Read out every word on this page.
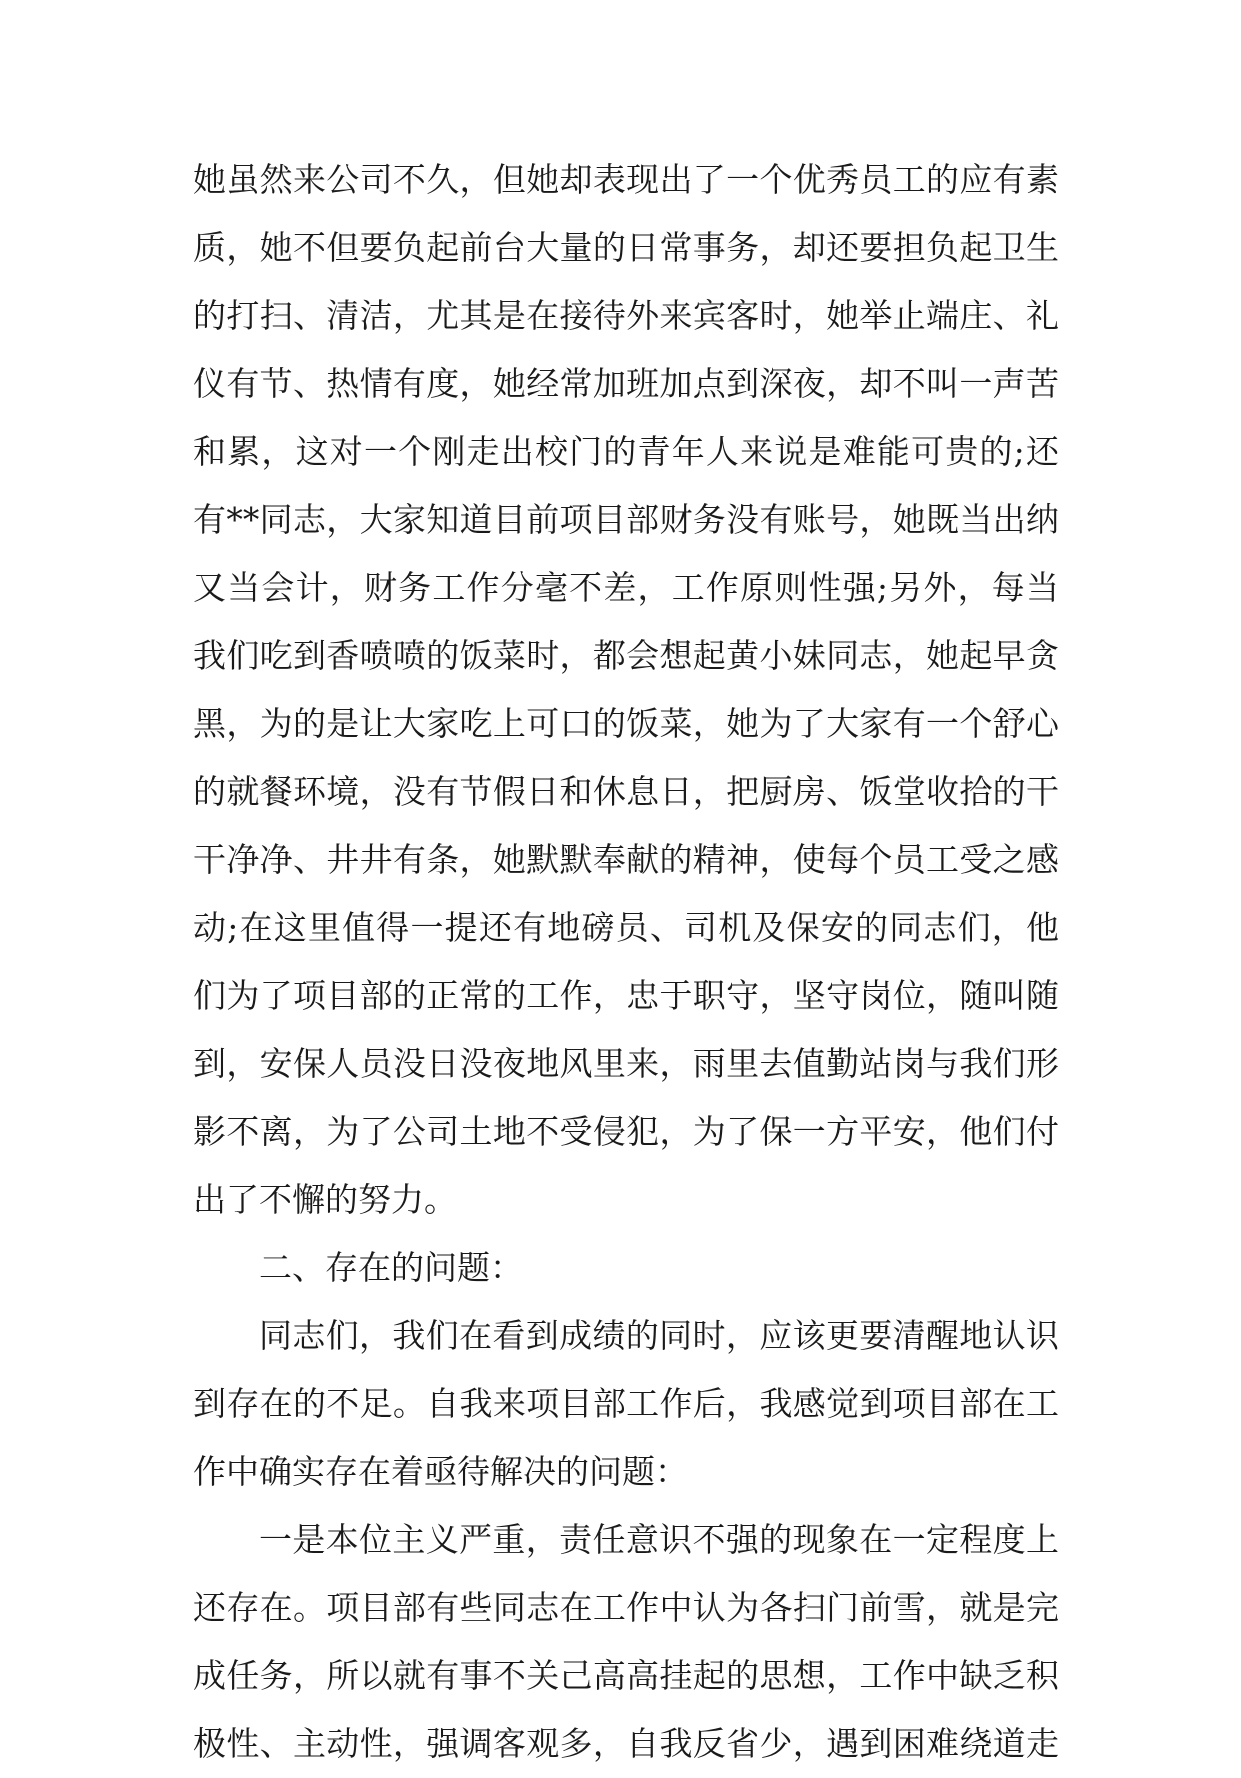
她虽然来公司不久，但她却表现出了一个优秀员工的应有素
质，她不但要负起前台大量的日常事务，却还要担负起卫生
的打扫、清洁，尤其是在接待外来宾客时，她举止端庄、礼
仪有节、热情有度，她经常加班加点到深夜，却不叫一声苦
和累，这对一个刚走出校门的青年人来说是难能可贵的;还
有**同志，大家知道目前项目部财务没有账号，她既当出纳
又当会计，财务工作分毫不差，工作原则性强;另外，每当
我们吃到香喷喷的饭菜时，都会想起黄小妹同志，她起早贪
黑，为的是让大家吃上可口的饭菜，她为了大家有一个舒心
的就餐环境，没有节假日和休息日，把厨房、饭堂收拾的干
干净净、井井有条，她默默奉献的精神，使每个员工受之感
动;在这里值得一提还有地磅员、司机及保安的同志们，他
们为了项目部的正常的工作，忠于职守，坚守岗位，随叫随
到，安保人员没日没夜地风里来，雨里去值勤站岗与我们形
影不离，为了公司土地不受侵犯，为了保一方平安，他们付
出了不懈的努力。
二、存在的问题：
同志们，我们在看到成绩的同时，应该更要清醒地认识
到存在的不足。自我来项目部工作后，我感觉到项目部在工
作中确实存在着亟待解决的问题：
一是本位主义严重，责任意识不强的现象在一定程度上
还存在。项目部有些同志在工作中认为各扫门前雪，就是完
成任务，所以就有事不关己高高挂起的思想，工作中缺乏积
极性、主动性，强调客观多，自我反省少，遇到困难绕道走
